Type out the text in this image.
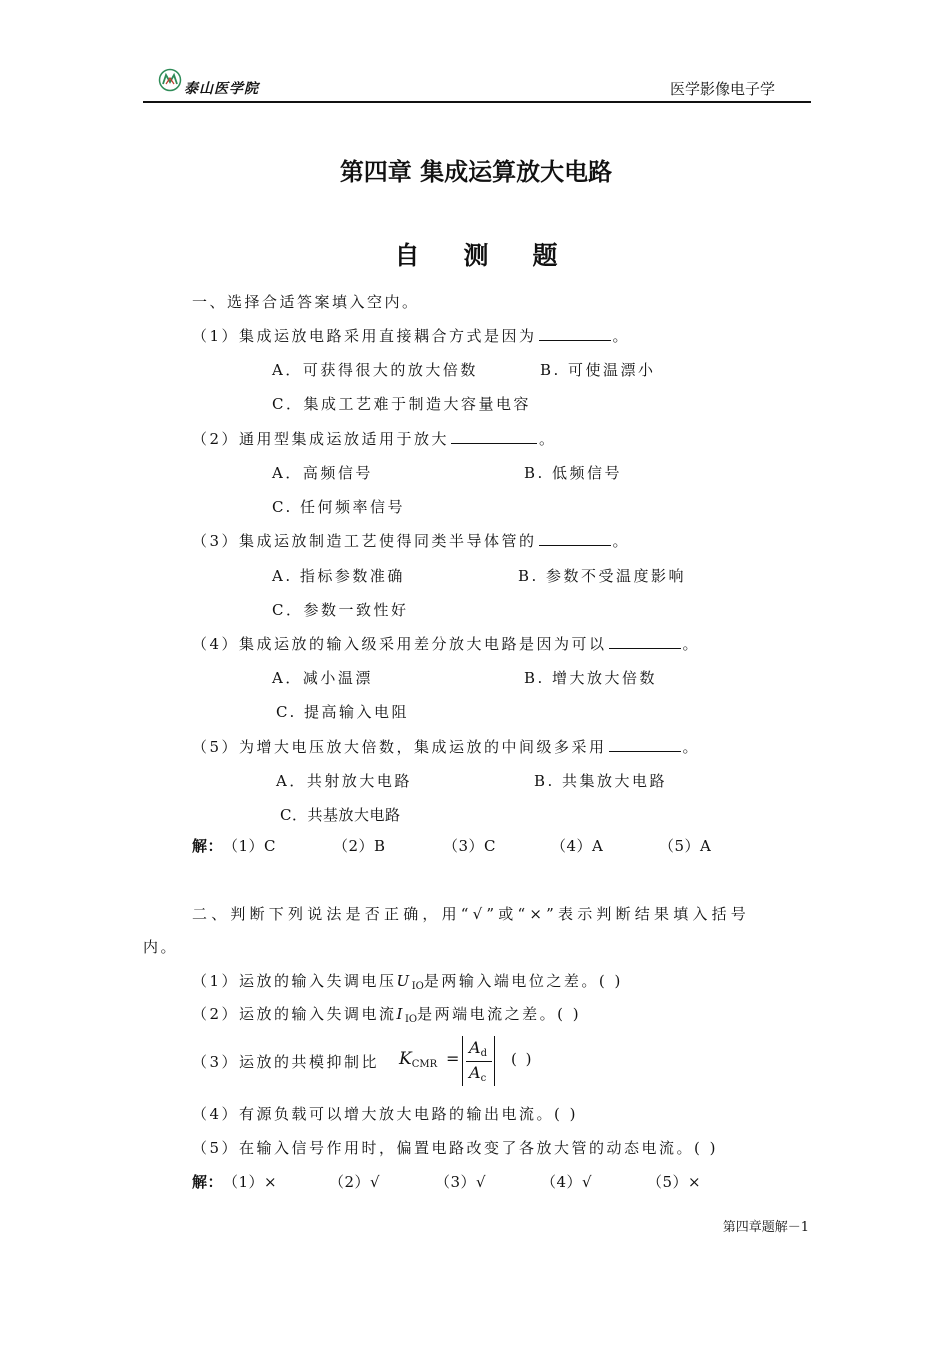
泰山医学院	医学影像电子学
第四章 集成运算放大电路
自 测 题
一、选择合适答案填入空内。
（1）集成运放电路采用直接耦合方式是因为	。
A．可获得很大的放大倍数	B. 可使温漂小
C．集成工艺难于制造大容量电容
（2）通用型集成运放适用于放大	。
A．高频信号	B. 低频信号
C. 任何频率信号
（3）集成运放制造工艺使得同类半导体管的	。
A. 指标参数准确	B. 参数不受温度影响
C．参数一致性好
（4）集成运放的输入级采用差分放大电路是因为可以	。
A．减小温漂	B. 增大放大倍数
C. 提高输入电阻
（5）为增大电压放大倍数，集成运放的中间级多采用	。
A．共射放大电路	B. 共集放大电路
C．共基放大电路
解：（1）C	（2）B	（3）C	（4）A	（5）A
二、判断下列说法是否正确，用“√”或“×”表示判断结果填入括号
内。
（1）运放的输入失调电压$U_{IO}$是两输入端电位之差。( )
（2）运放的输入失调电流$I_{IO}$是两端电流之差。( )
（3）运放的共模抑制比 $K_{CMR}$ =
$A_d$
$A_c$
( )
（4）有源负载可以增大放大电路的输出电流。( )
（5）在输入信号作用时，偏置电路改变了各放大管的动态电流。( )
解：（1）×	（2）√	（3）√	（4）√	（5）×
第四章题解－1
